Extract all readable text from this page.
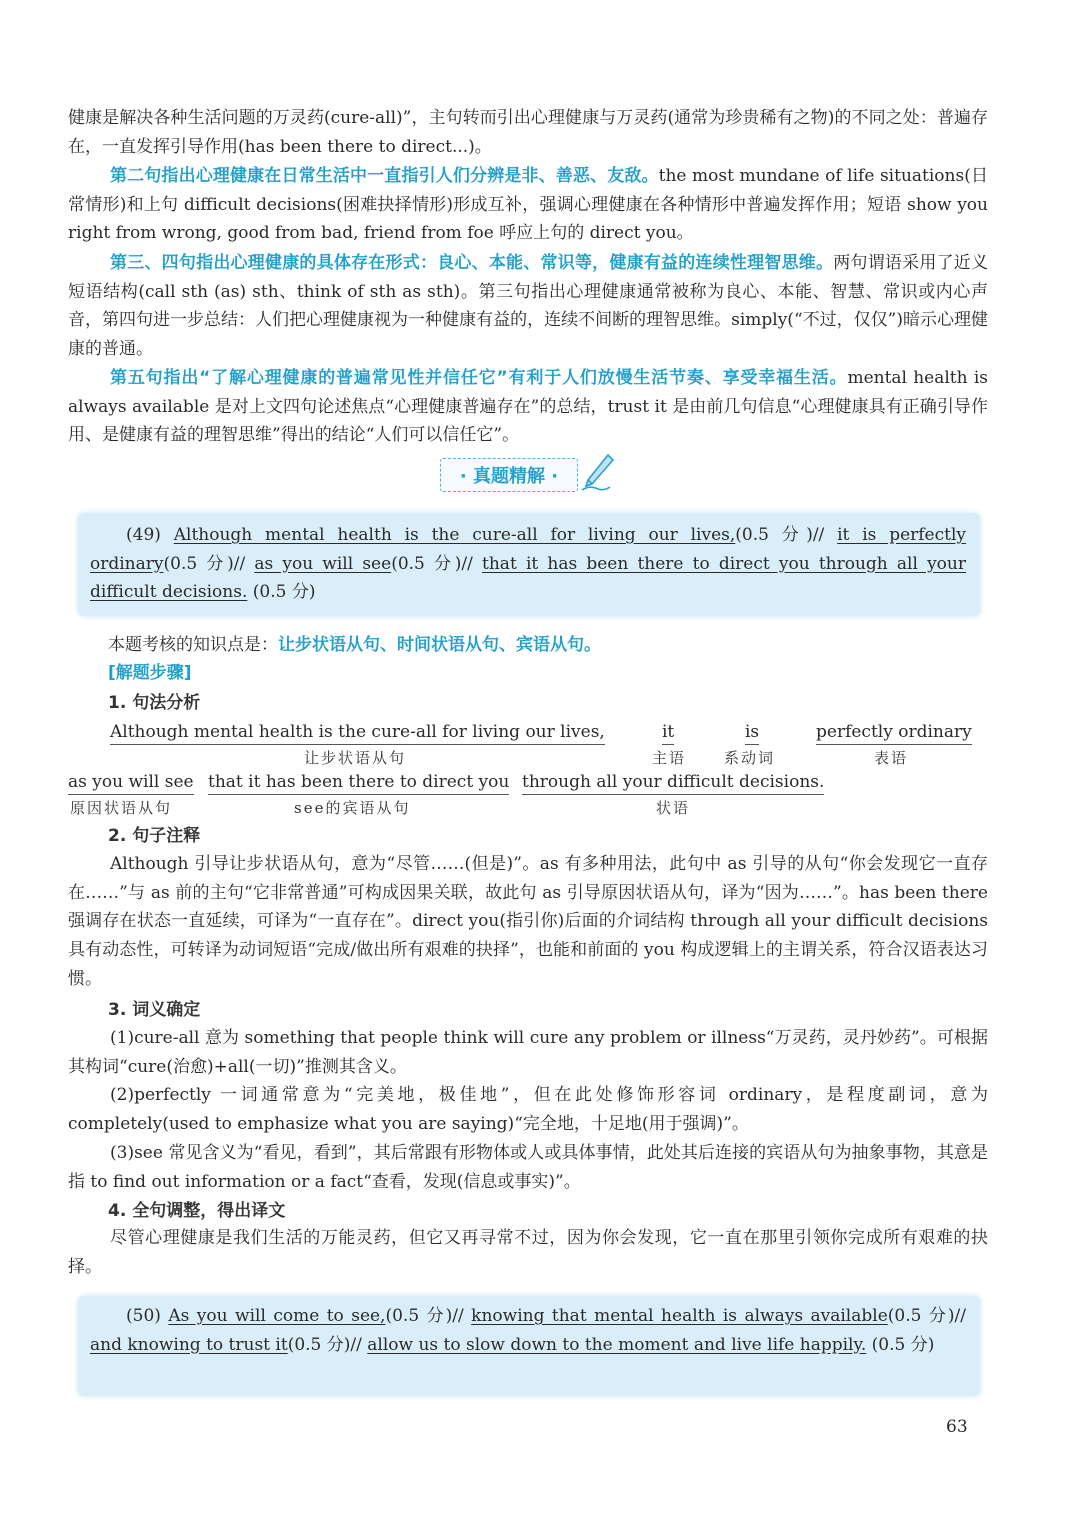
健康是解决各种生活问题的万灵药(cure-all)”，主句转而引出心理健康与万灵药(通常为珍贵稀有之物)的不同之处：普遍存在，一直发挥引导作用(has been there to direct...)。

第二句指出心理健康在日常生活中一直指引人们分辨是非、善恶、友敌。the most mundane of life situations(日常情形)和上句 difficult decisions(困难抉择情形)形成互补，强调心理健康在各种情形中普遍发挥作用；短语 show you right from wrong, good from bad, friend from foe 呼应上句的 direct you。

第三、四句指出心理健康的具体存在形式：良心、本能、常识等，健康有益的连续性理智思维。两句谓语采用了近义短语结构(call sth (as) sth、think of sth as sth)。第三句指出心理健康通常被称为良心、本能、智慧、常识或内心声音，第四句进一步总结：人们把心理健康视为一种健康有益的，连续不间断的理智思维。simply(“不过，仅仅”)暗示心理健康的普通。

第五句指出“了解心理健康的普遍常见性并信任它”有利于人们放慢生活节奏、享受幸福生活。mental health is always available 是对上文四句论述焦点“心理健康普遍存在”的总结，trust it 是由前几句信息“心理健康具有正确引导作用、是健康有益的理智思维”得出的结论“人们可以信任它”。

· 真题精解 ·
(49) Although mental health is the cure-all for living our lives,(0.5 分)// it is perfectly ordinary(0.5 分)// as you will see(0.5 分)// that it has been there to direct you through all your difficult decisions. (0.5 分)
本题考核的知识点是：让步状语从句、时间状语从句、宾语从句。
[解题步骤]
1. 句法分析
Although mental health is the cure-all for living our lives,
让步状语从句
it
主语
is
系动词
perfectly ordinary
表语
as you will see
原因状语从句
that it has been there to direct you
see的宾语从句
through all your difficult decisions.
状语
2. 句子注释

Although 引导让步状语从句，意为“尽管……(但是)”。as 有多种用法，此句中 as 引导的从句“你会发现它一直存在……”与 as 前的主句“它非常普通”可构成因果关联，故此句 as 引导原因状语从句，译为“因为……”。has been there 强调存在状态一直延续，可译为“一直存在”。direct you(指引你)后面的介词结构 through all your difficult decisions 具有动态性，可转译为动词短语“完成/做出所有艰难的抉择”，也能和前面的 you 构成逻辑上的主谓关系，符合汉语表达习惯。

3. 词义确定

(1)cure-all 意为 something that people think will cure any problem or illness“万灵药，灵丹妙药”。可根据其构词“cure(治愈)+all(一切)”推测其含义。

(2)perfectly 一词通常意为“完美地，极佳地”，但在此处修饰形容词 ordinary，是程度副词，意为 completely(used to emphasize what you are saying)“完全地，十足地(用于强调)”。

(3)see 常见含义为“看见，看到”，其后常跟有形物体或人或具体事情，此处其后连接的宾语从句为抽象事物，其意是指 to find out information or a fact“查看，发现(信息或事实)”。

4. 全句调整，得出译文

尽管心理健康是我们生活的万能灵药，但它又再寻常不过，因为你会发现，它一直在那里引领你完成所有艰难的抉择。

(50) As you will come to see,(0.5 分)// knowing that mental health is always available(0.5 分)// and knowing to trust it(0.5 分)// allow us to slow down to the moment and live life happily. (0.5 分)
63
